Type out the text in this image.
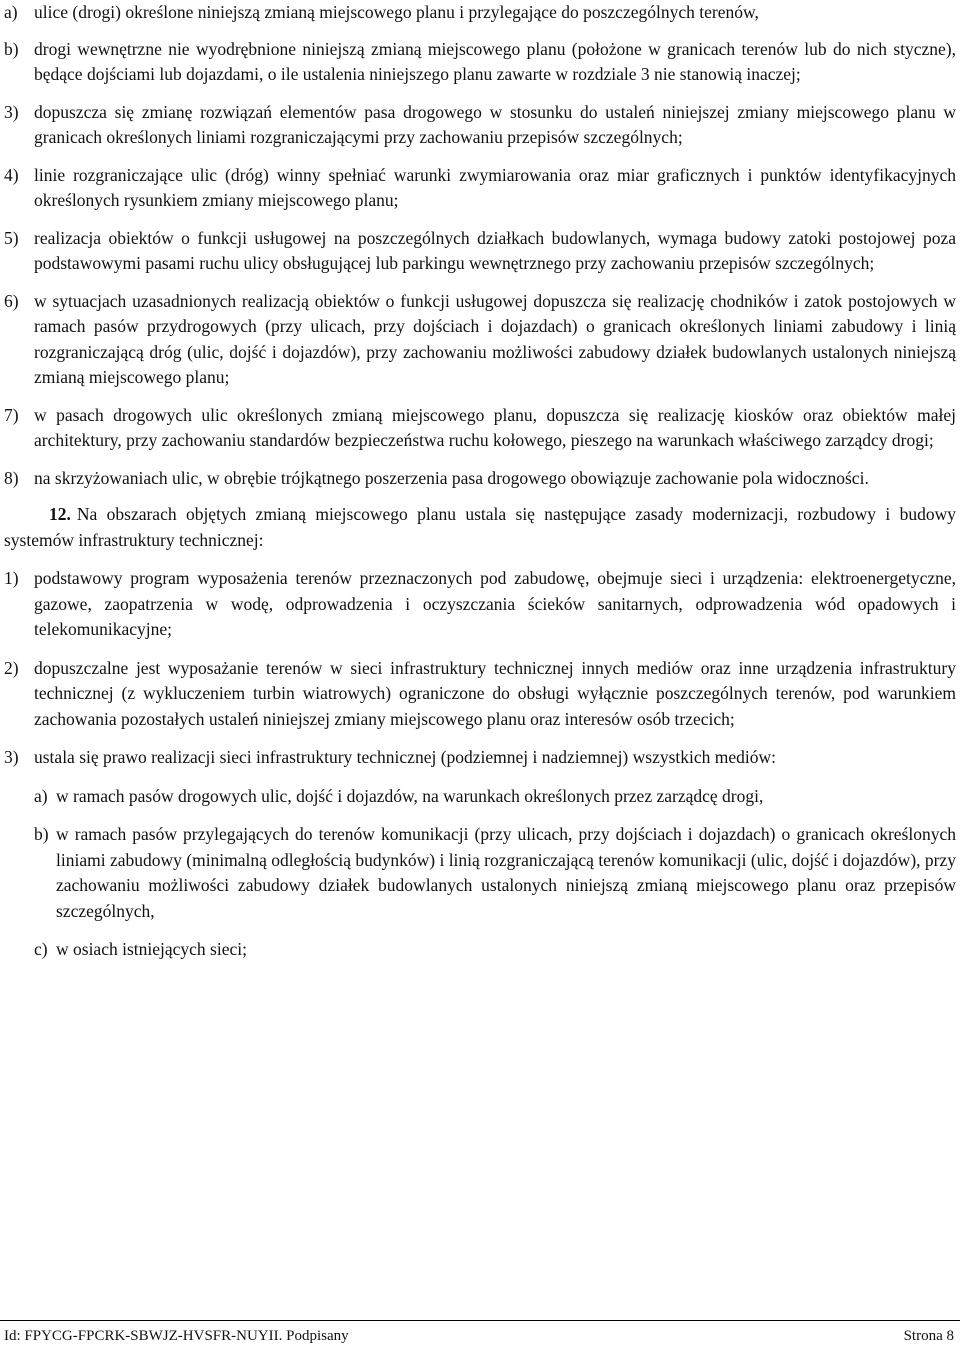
a) ulice (drogi) określone niniejszą zmianą miejscowego planu i przylegające do poszczególnych terenów,
b) drogi wewnętrzne nie wyodrębnione niniejszą zmianą miejscowego planu (położone w granicach terenów lub do nich styczne), będące dojściami lub dojazdami, o ile ustalenia niniejszego planu zawarte w rozdziale 3 nie stanowią inaczej;
3) dopuszcza się zmianę rozwiązań elementów pasa drogowego w stosunku do ustaleń niniejszej zmiany miejscowego planu w granicach określonych liniami rozgraniczającymi przy zachowaniu przepisów szczególnych;
4) linie rozgraniczające ulic (dróg) winny spełniać warunki zwymiarowania oraz miar graficznych i punktów identyfikacyjnych określonych rysunkiem zmiany miejscowego planu;
5) realizacja obiektów o funkcji usługowej na poszczególnych działkach budowlanych, wymaga budowy zatoki postojowej poza podstawowymi pasami ruchu ulicy obsługującej lub parkingu wewnętrznego przy zachowaniu przepisów szczególnych;
6) w sytuacjach uzasadnionych realizacją obiektów o funkcji usługowej dopuszcza się realizację chodników i zatok postojowych w ramach pasów przydrogowych (przy ulicach, przy dojściach i dojazdach) o granicach określonych liniami zabudowy i linią rozgraniczającą dróg (ulic, dojść i dojazdów), przy zachowaniu możliwości zabudowy działek budowlanych ustalonych niniejszą zmianą miejscowego planu;
7) w pasach drogowych ulic określonych zmianą miejscowego planu, dopuszcza się realizację kiosków oraz obiektów małej architektury, przy zachowaniu standardów bezpieczeństwa ruchu kołowego, pieszego na warunkach właściwego zarządcy drogi;
8) na skrzyżowaniach ulic, w obrębie trójkątnego poszerzenia pasa drogowego obowiązuje zachowanie pola widoczności.
12. Na obszarach objętych zmianą miejscowego planu ustala się następujące zasady modernizacji, rozbudowy i budowy systemów infrastruktury technicznej:
1) podstawowy program wyposażenia terenów przeznaczonych pod zabudowę, obejmuje sieci i urządzenia: elektroenergetyczne, gazowe, zaopatrzenia w wodę, odprowadzenia i oczyszczania ścieków sanitarnych, odprowadzenia wód opadowych i telekomunikacyjne;
2) dopuszczalne jest wyposażanie terenów w sieci infrastruktury technicznej innych mediów oraz inne urządzenia infrastruktury technicznej (z wykluczeniem turbin wiatrowych) ograniczone do obsługi wyłącznie poszczególnych terenów, pod warunkiem zachowania pozostałych ustaleń niniejszej zmiany miejscowego planu oraz interesów osób trzecich;
3) ustala się prawo realizacji sieci infrastruktury technicznej (podziemnej i nadziemnej) wszystkich mediów:
a) w ramach pasów drogowych ulic, dojść i dojazdów, na warunkach określonych przez zarządcę drogi,
b) w ramach pasów przylegających do terenów komunikacji (przy ulicach, przy dojściach i dojazdach) o granicach określonych liniami zabudowy (minimalną odległością budynków) i linią rozgraniczającą terenów komunikacji (ulic, dojść i dojazdów), przy zachowaniu możliwości zabudowy działek budowlanych ustalonych niniejszą zmianą miejscowego planu oraz przepisów szczególnych,
c) w osiach istniejących sieci;
Id: FPYCG-FPCRK-SBWJZ-HVSFR-NUYII. Podpisany	Strona 8
